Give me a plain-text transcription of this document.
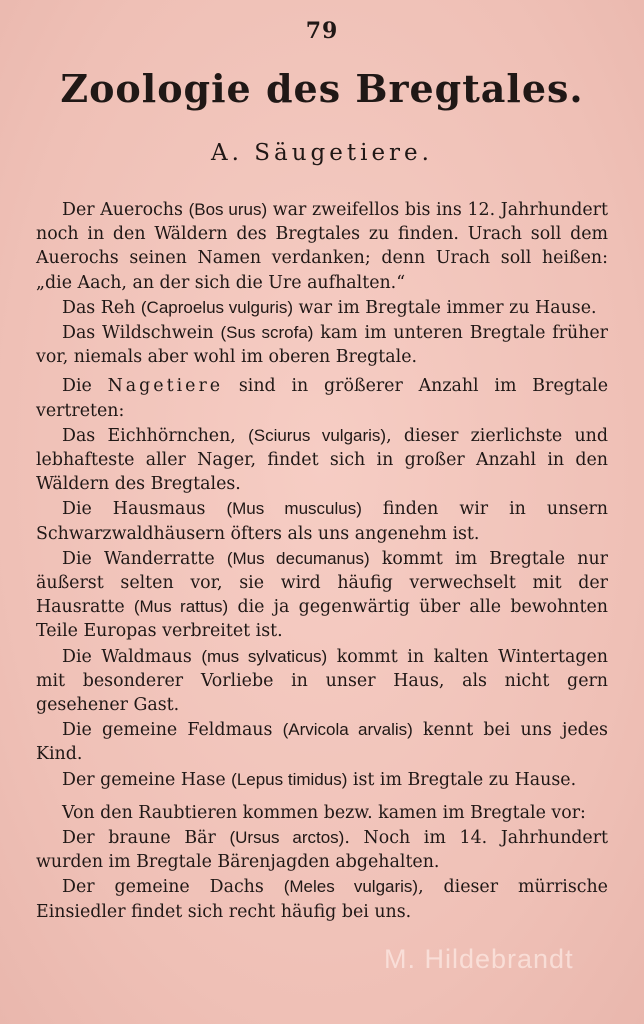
79
Zoologie des Bregtales.
A. Säugetiere.

Der Auerochs (Bos urus) war zweifellos bis ins 12. Jahrhundert noch in den Wäldern des Bregtales zu finden. Urach soll dem Auerochs seinen Namen verdanken; denn Urach soll heißen: „die Aach, an der sich die Ure aufhalten.“

Das Reh (Caproelus vulguris) war im Bregtale immer zu Hause.

Das Wildschwein (Sus scrofa) kam im unteren Bregtale früher vor, niemals aber wohl im oberen Bregtale.

Die Nagetiere sind in größerer Anzahl im Bregtale vertreten:

Das Eichhörnchen, (Sciurus vulgaris), dieser zierlichste und lebhafteste aller Nager, findet sich in großer Anzahl in den Wäldern des Bregtales.

Die Hausmaus (Mus musculus) finden wir in unsern Schwarzwaldhäusern öfters als uns angenehm ist.

Die Wanderratte (Mus decumanus) kommt im Bregtale nur äußerst selten vor, sie wird häufig verwechselt mit der Hausratte (Mus rattus) die ja gegenwärtig über alle bewohnten Teile Europas verbreitet ist.

Die Waldmaus (mus sylvaticus) kommt in kalten Wintertagen mit besonderer Vorliebe in unser Haus, als nicht gern gesehener Gast.

Die gemeine Feldmaus (Arvicola arvalis) kennt bei uns jedes Kind.

Der gemeine Hase (Lepus timidus) ist im Bregtale zu Hause.

Von den Raubtieren kommen bezw. kamen im Bregtale vor:

Der braune Bär (Ursus arctos). Noch im 14. Jahrhundert wurden im Bregtale Bärenjagden abgehalten.

Der gemeine Dachs (Meles vulgaris), dieser mürrische Einsiedler findet sich recht häufig bei uns.

M. Hildebrandt
